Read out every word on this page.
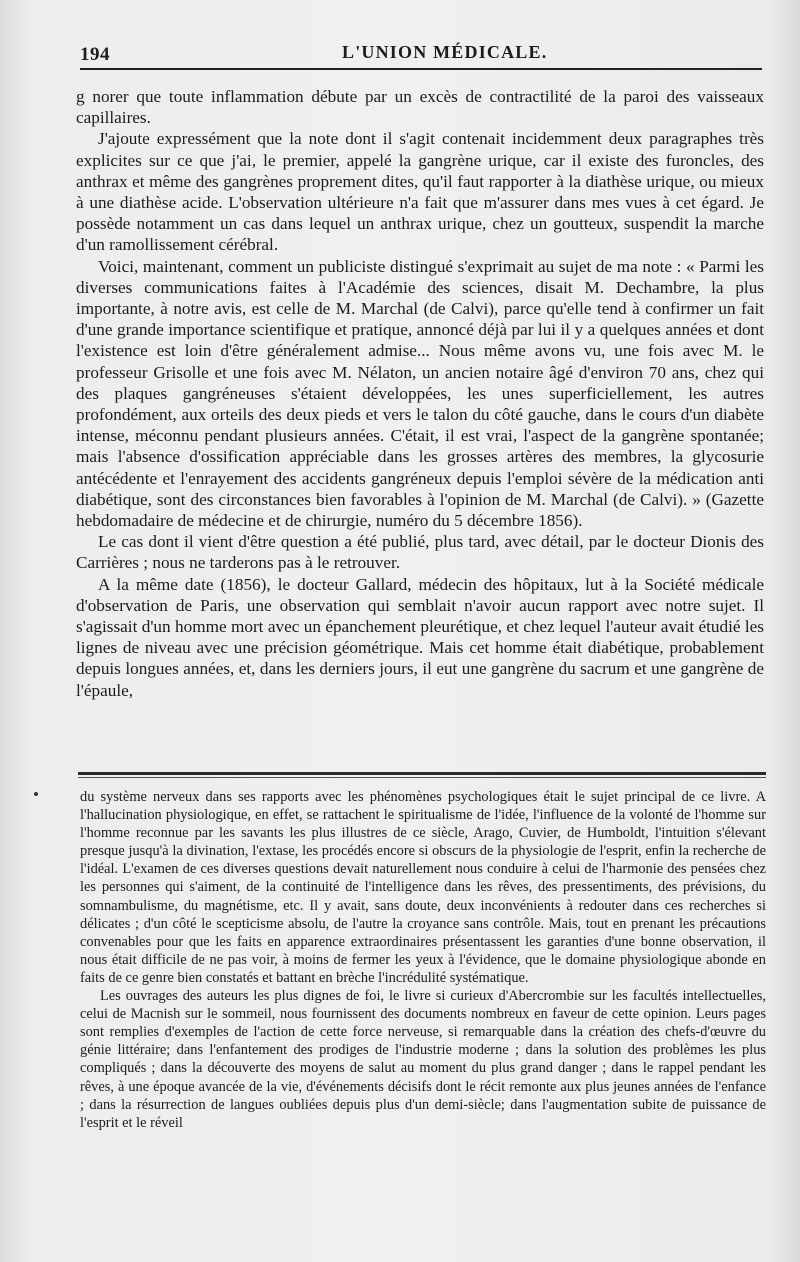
194	L'UNION MÉDICALE.

g norer que toute inflammation débute par un excès de contractilité de la paroi des vaisseaux capillaires.

J'ajoute expressément que la note dont il s'agit contenait incidemment deux paragraphes très explicites sur ce que j'ai, le premier, appelé la gangrène urique, car il existe des furoncles, des anthrax et même des gangrènes proprement dites, qu'il faut rapporter à la diathèse urique, ou mieux à une diathèse acide. L'observation ultérieure n'a fait que m'assurer dans mes vues à cet égard. Je possède notamment un cas dans lequel un anthrax urique, chez un goutteux, suspendit la marche d'un ramollissement cérébral.

Voici, maintenant, comment un publiciste distingué s'exprimait au sujet de ma note : « Parmi les diverses communications faites à l'Académie des sciences, disait M. Dechambre, la plus importante, à notre avis, est celle de M. Marchal (de Calvi), parce qu'elle tend à confirmer un fait d'une grande importance scientifique et pratique, annoncé déjà par lui il y a quelques années et dont l'existence est loin d'être généralement admise... Nous même avons vu, une fois avec M. le professeur Grisolle et une fois avec M. Nélaton, un ancien notaire âgé d'environ 70 ans, chez qui des plaques gangréneuses s'étaient développées, les unes superficiellement, les autres profondément, aux orteils des deux pieds et vers le talon du côté gauche, dans le cours d'un diabète intense, méconnu pendant plusieurs années. C'était, il est vrai, l'aspect de la gangrène spontanée; mais l'absence d'ossification appréciable dans les grosses artères des membres, la glycosurie antécédente et l'enrayement des accidents gangréneux depuis l'emploi sévère de la médication anti diabétique, sont des circonstances bien favorables à l'opinion de M. Marchal (de Calvi). » (Gazette hebdomadaire de médecine et de chirurgie, numéro du 5 décembre 1856).

Le cas dont il vient d'être question a été publié, plus tard, avec détail, par le docteur Dionis des Carrières ; nous ne tarderons pas à le retrouver.

A la même date (1856), le docteur Gallard, médecin des hôpitaux, lut à la Société médicale d'observation de Paris, une observation qui semblait n'avoir aucun rapport avec notre sujet. Il s'agissait d'un homme mort avec un épanchement pleurétique, et chez lequel l'auteur avait étudié les lignes de niveau avec une précision géométrique. Mais cet homme était diabétique, probablement depuis longues années, et, dans les derniers jours, il eut une gangrène du sacrum et une gangrène de l'épaule,

du système nerveux dans ses rapports avec les phénomènes psychologiques était le sujet principal de ce livre. A l'hallucination physiologique, en effet, se rattachent le spiritualisme de l'idée, l'influence de la volonté de l'homme sur l'homme reconnue par les savants les plus illustres de ce siècle, Arago, Cuvier, de Humboldt, l'intuition s'élevant presque jusqu'à la divination, l'extase, les procédés encore si obscurs de la physiologie de l'esprit, enfin la recherche de l'idéal. L'examen de ces diverses questions devait naturellement nous conduire à celui de l'harmonie des pensées chez les personnes qui s'aiment, de la continuité de l'intelligence dans les rêves, des pressentiments, des prévisions, du somnambulisme, du magnétisme, etc. Il y avait, sans doute, deux inconvénients à redouter dans ces recherches si délicates ; d'un côté le scepticisme absolu, de l'autre la croyance sans contrôle. Mais, tout en prenant les précautions convenables pour que les faits en apparence extraordinaires présentassent les garanties d'une bonne observation, il nous était difficile de ne pas voir, à moins de fermer les yeux à l'évidence, que le domaine physiologique abonde en faits de ce genre bien constatés et battant en brèche l'incrédulité systématique.

Les ouvrages des auteurs les plus dignes de foi, le livre si curieux d'Abercrombie sur les facultés intellectuelles, celui de Macnish sur le sommeil, nous fournissent des documents nombreux en faveur de cette opinion. Leurs pages sont remplies d'exemples de l'action de cette force nerveuse, si remarquable dans la création des chefs-d'œuvre du génie littéraire; dans l'enfantement des prodiges de l'industrie moderne ; dans la solution des problèmes les plus compliqués ; dans la découverte des moyens de salut au moment du plus grand danger ; dans le rappel pendant les rêves, à une époque avancée de la vie, d'événements décisifs dont le récit remonte aux plus jeunes années de l'enfance ; dans la résurrection de langues oubliées depuis plus d'un demi-siècle; dans l'augmentation subite de puissance de l'esprit et le réveil
